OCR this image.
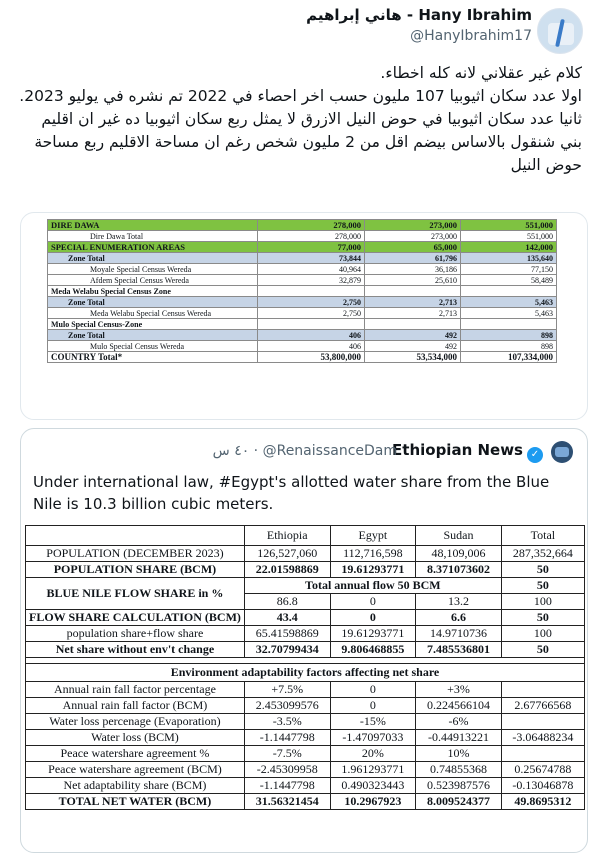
Hany Ibrahim - هاني إبراهيم
@HanyIbrahim17

كلام غير عقلاني لانه كله اخطاء.

اولا عدد سكان اثيوبيا 107 مليون حسب اخر احصاء في 2022 تم نشره في يوليو 2023.

ثانيا عدد سكان اثيوبيا في حوض النيل الازرق لا يمثل ربع سكان اثيوبيا ده غير ان اقليم بني شنقول بالاساس بيضم اقل من 2 مليون شخص رغم ان مساحة الاقليم ربع مساحة حوض النيل

DIRE DAWA	278,000	273,000	551,000
Dire Dawa Total	278,000	273,000	551,000
SPECIAL ENUMERATION AREAS	77,000	65,000	142,000
Zone Total	73,844	61,796	135,640
Moyale Special Census Wereda	40,964	36,186	77,150
Afdem Special Census Wereda	32,879	25,610	58,489
Meda Welabu Special Census Zone			
Zone Total	2,750	2,713	5,463
Meda Welabu Special Census Wereda	2,750	2,713	5,463
Mulo Special Census-Zone			
Zone Total	406	492	898
Mulo Special Census Wereda	406	492	898
COUNTRY Total*	53,800,000	53,534,000	107,334,000
Ethiopian News ✓
٤٠ س · @RenaissanceDam
Under international law, #Egypt's allotted water share from the Blue Nile is 10.3 billion cubic meters.
	Ethiopia	Egypt	Sudan	Total
POPULATION (DECEMBER 2023)	126,527,060	112,716,598	48,109,006	287,352,664
POPULATION SHARE (BCM)	22.01598869	19.61293771	8.371073602	50
BLUE NILE FLOW SHARE in %	Total annual flow 50 BCM			50
	86.8	0	13.2	100
FLOW SHARE CALCULATION (BCM)	43.4	0	6.6	50
population share+flow share	65.41598869	19.61293771	14.9710736	100
Net share without env't change	32.70799434	9.806468855	7.485536801	50

Environment adaptability factors affecting net share				
Annual rain fall factor percentage	+7.5%	0	+3%	
Annual rain fall factor (BCM)	2.453099576	0	0.224566104	2.67766568
Water loss percenage (Evaporation)	-3.5%	-15%	-6%	
Water loss (BCM)	-1.1447798	-1.47097033	-0.44913221	-3.06488234
Peace watershare agreement %	-7.5%	20%	10%	
Peace watershare agreement (BCM)	-2.45309958	1.961293771	0.74855368	0.25674788
Net adaptability share (BCM)	-1.1447798	0.490323443	0.523987576	-0.13046878
TOTAL NET WATER (BCM)	31.56321454	10.2967923	8.009524377	49.8695312
